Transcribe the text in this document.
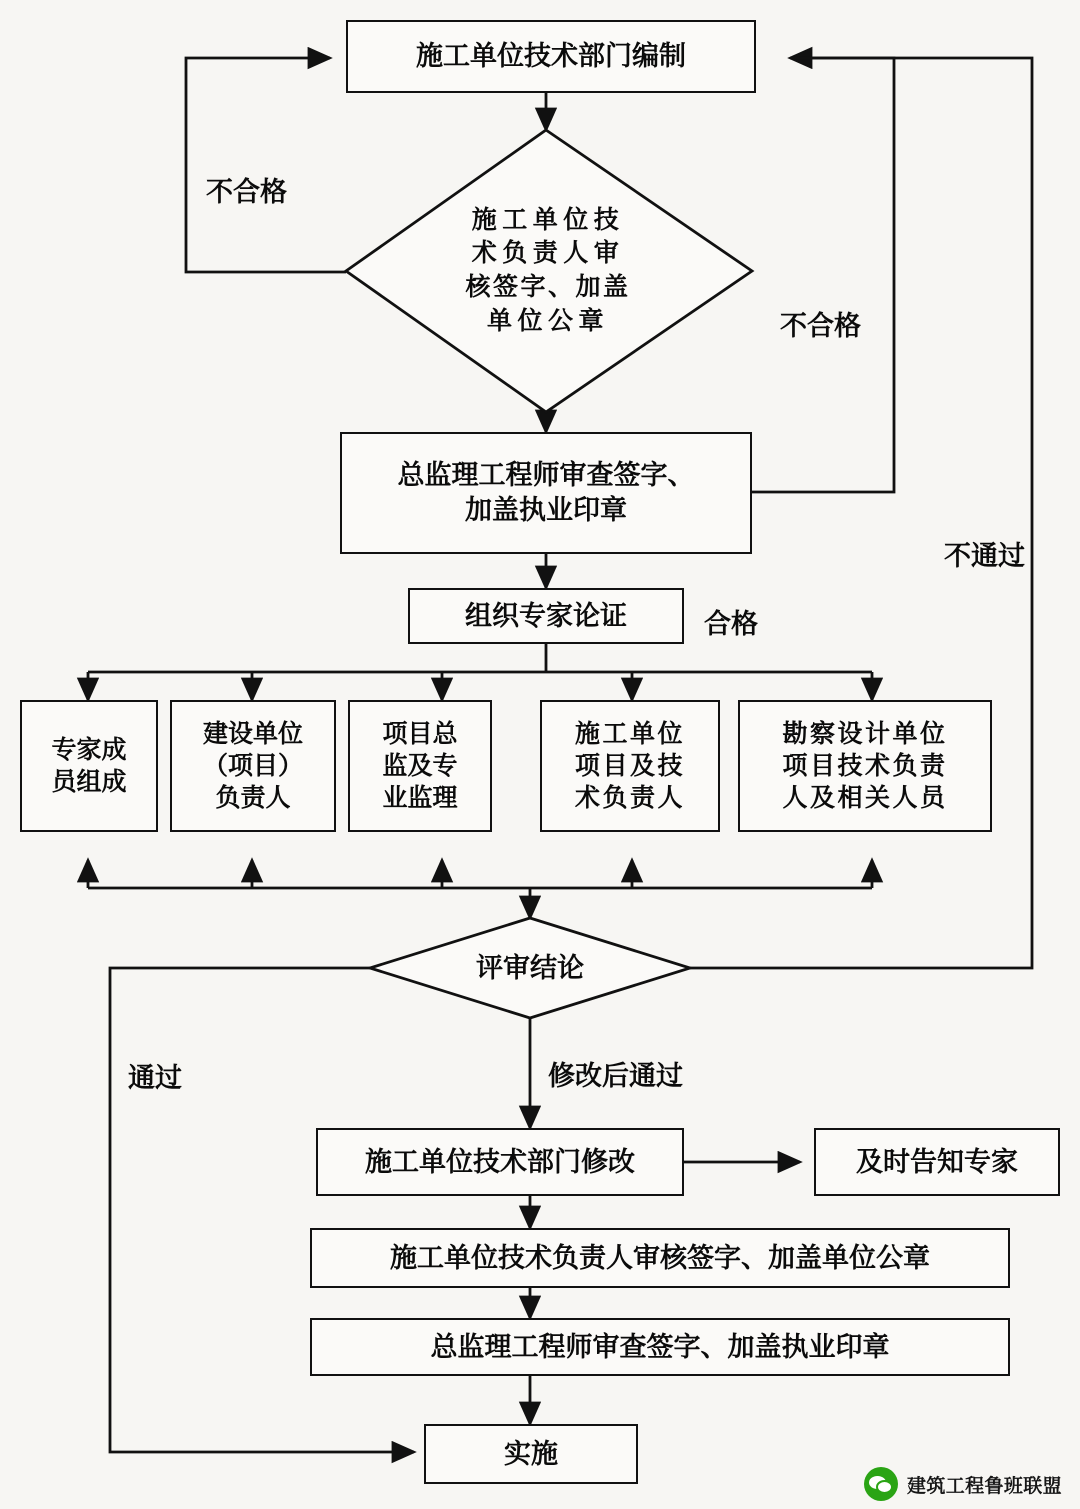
施工单位技术部门编制
施工单位技
术负责人审
核签字、加盖
单位公章
总监理工程师审查签字、
加盖执业印章
组织专家论证
专家成
员组成
建设单位
（项目）
负责人
项目总
监及专
业监理
施工单位
项目及技
术负责人
勘察设计单位
项目技术负责
人及相关人员
评审结论
施工单位技术部门修改	及时告知专家
施工单位技术负责人审核签字、加盖单位公章
总监理工程师审查签字、加盖执业印章
实施
不合格
不合格
不通过
合格
通过	修改后通过
建筑工程鲁班联盟
